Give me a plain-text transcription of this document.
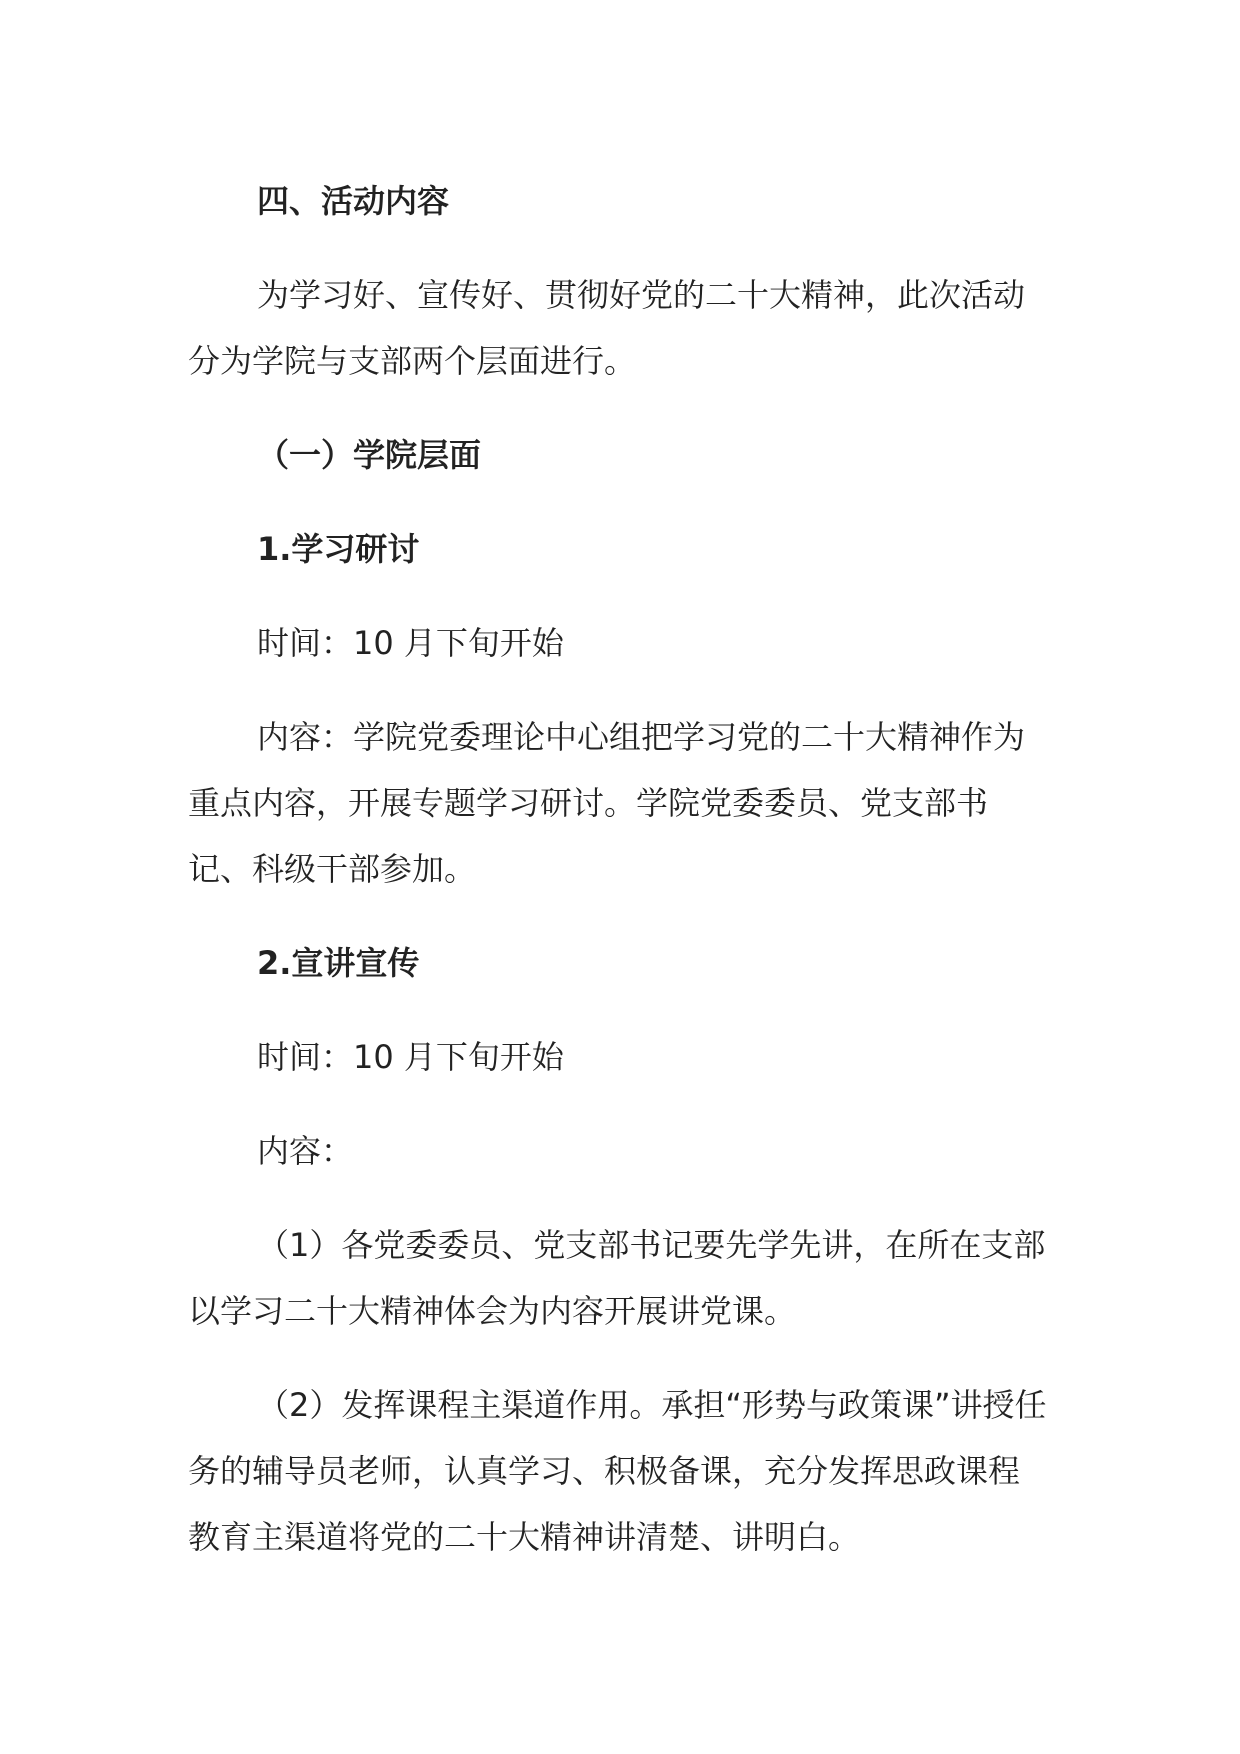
四、活动内容

为学习好、宣传好、贯彻好党的二十大精神，此次活动分为学院与支部两个层面进行。

（一）学院层面

1.学习研讨

时间：10 月下旬开始

内容：学院党委理论中心组把学习党的二十大精神作为重点内容，开展专题学习研讨。学院党委委员、党支部书记、科级干部参加。

2.宣讲宣传

时间：10 月下旬开始

内容：

（1）各党委委员、党支部书记要先学先讲，在所在支部以学习二十大精神体会为内容开展讲党课。

（2）发挥课程主渠道作用。承担“形势与政策课”讲授任务的辅导员老师，认真学习、积极备课，充分发挥思政课程教育主渠道将党的二十大精神讲清楚、讲明白。
